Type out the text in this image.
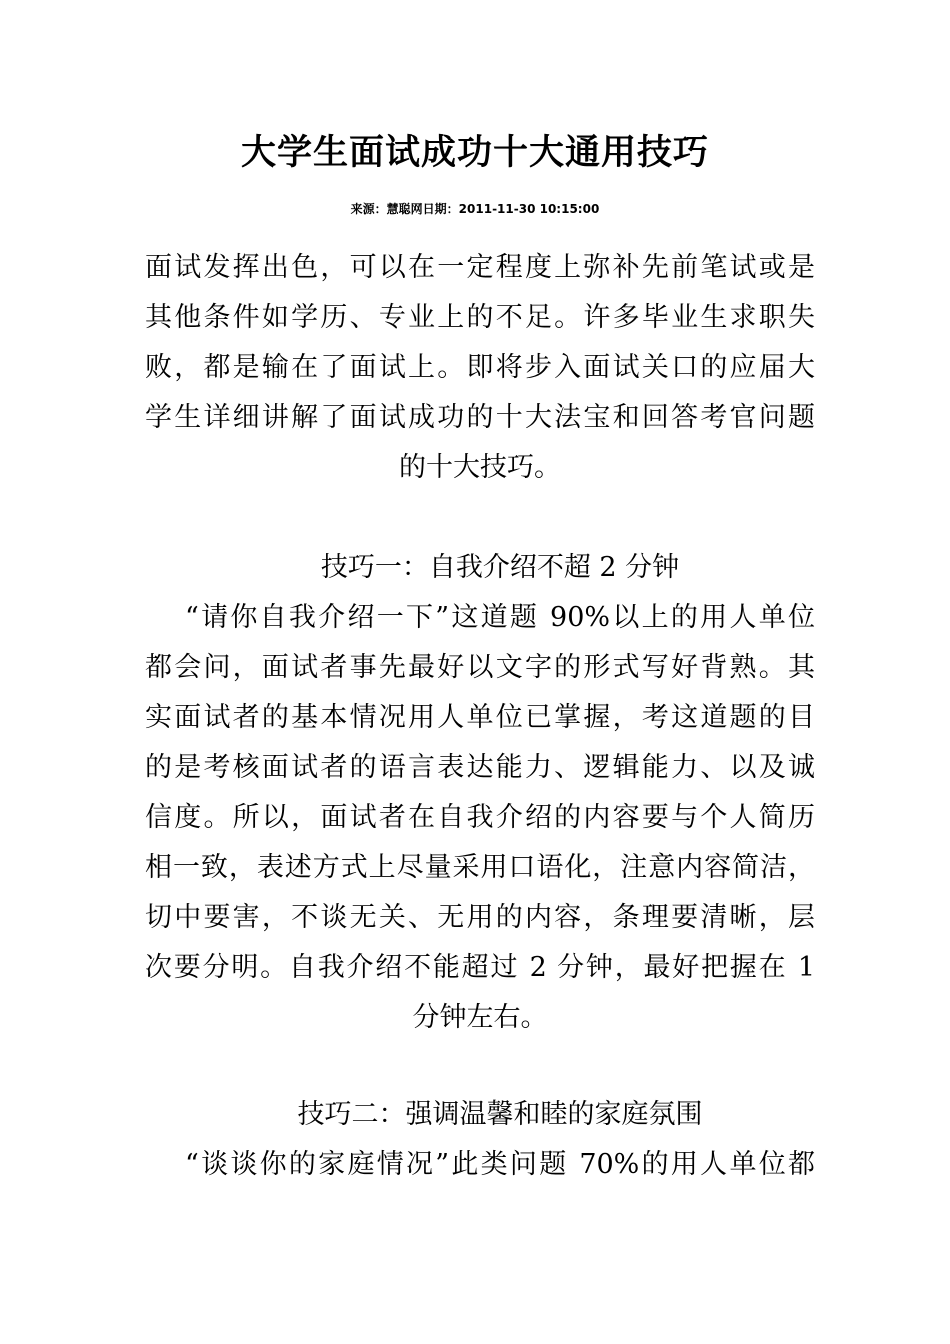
大学生面试成功十大通用技巧
来源：慧聪网日期：2011-11-30 10:15:00
面试发挥出色，可以在一定程度上弥补先前笔试或是
其他条件如学历、专业上的不足。许多毕业生求职失
败，都是输在了面试上。即将步入面试关口的应届大
学生详细讲解了面试成功的十大法宝和回答考官问题
的十大技巧。
技巧一：自我介绍不超 2 分钟
“请你自我介绍一下”这道题 90%以上的用人单位
都会问，面试者事先最好以文字的形式写好背熟。其
实面试者的基本情况用人单位已掌握，考这道题的目
的是考核面试者的语言表达能力、逻辑能力、以及诚
信度。所以，面试者在自我介绍的内容要与个人简历
相一致，表述方式上尽量采用口语化，注意内容简洁，
切中要害，不谈无关、无用的内容，条理要清晰，层
次要分明。自我介绍不能超过 2 分钟，最好把握在 1
分钟左右。
技巧二：强调温馨和睦的家庭氛围
“谈谈你的家庭情况”此类问题 70%的用人单位都
